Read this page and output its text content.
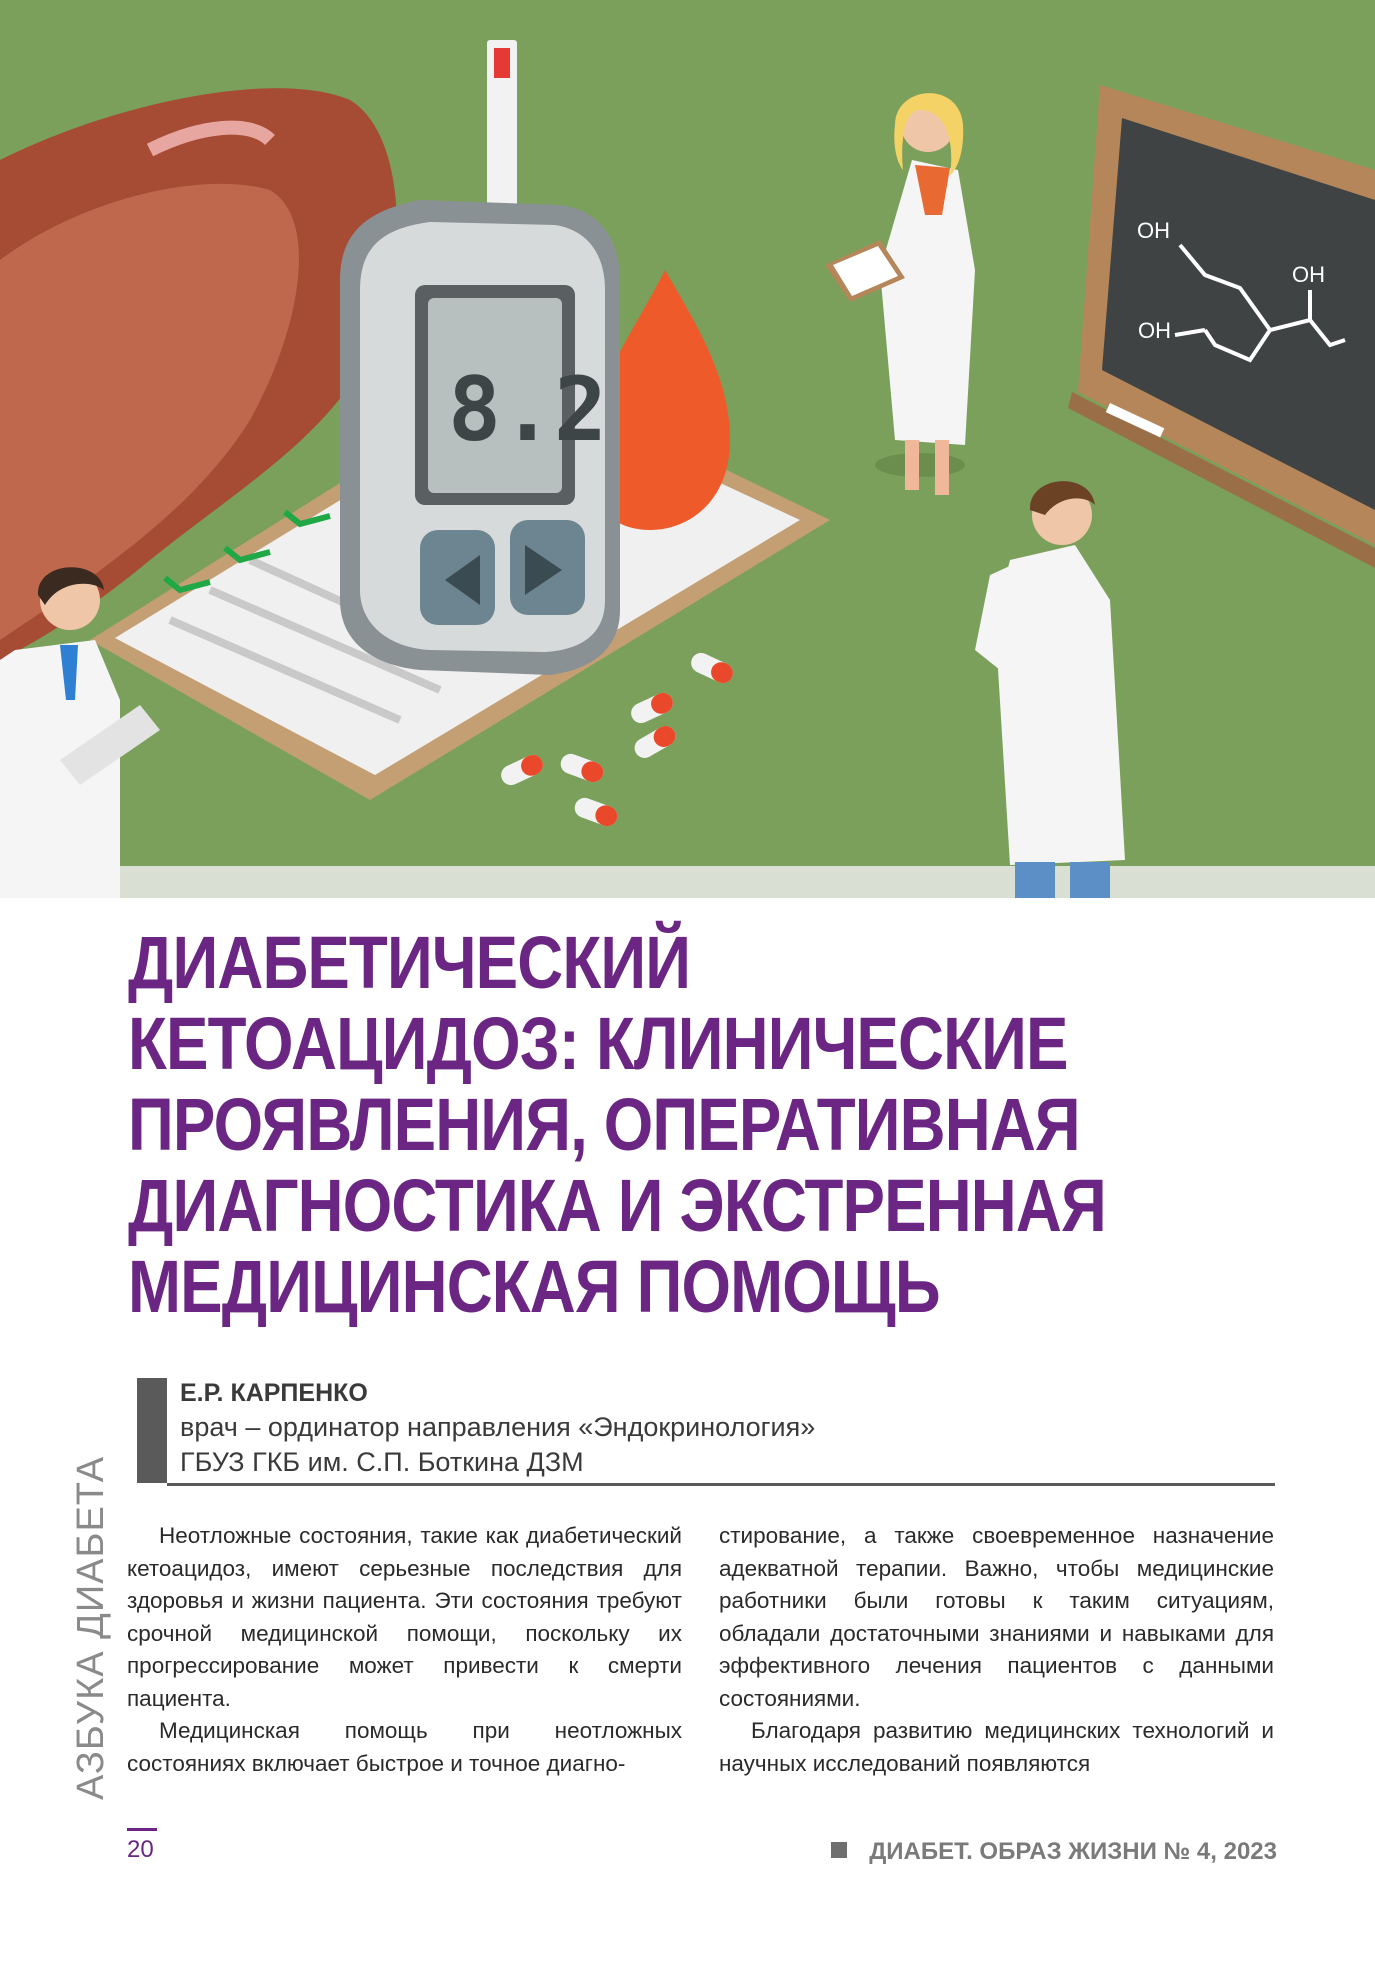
OH
OH
OH
8.2
ДИАБЕТИЧЕСКИЙ
КЕТОАЦИДОЗ: КЛИНИЧЕСКИЕ
ПРОЯВЛЕНИЯ, ОПЕРАТИВНАЯ
ДИАГНОСТИКА И ЭКСТРЕННАЯ
МЕДИЦИНСКАЯ ПОМОЩЬ
Е.Р. КАРПЕНКО
врач – ординатор направления «Эндокринология»
ГБУЗ ГКБ им. С.П. Боткина ДЗМ
АЗБУКА ДИАБЕТА	Неотложные состояния, такие как диабетический кетоацидоз, имеют серьезные последствия для здоровья и жизни пациента. Эти состояния требуют срочной медицинской помощи, поскольку их прогрессирование может привести к смерти пациента.

Медицинская помощь при неотложных состояниях включает быстрое и точное диагно-

стирование, а также своевременное назначение адекватной терапии. Важно, чтобы медицинские работники были готовы к таким ситуациям, обладали достаточными знаниями и навыками для эффективного лечения пациентов с данными состояниями.

Благодаря развитию медицинских технологий и научных исследований появляются

20	ДИАБЕТ. ОБРАЗ ЖИЗНИ № 4, 2023
